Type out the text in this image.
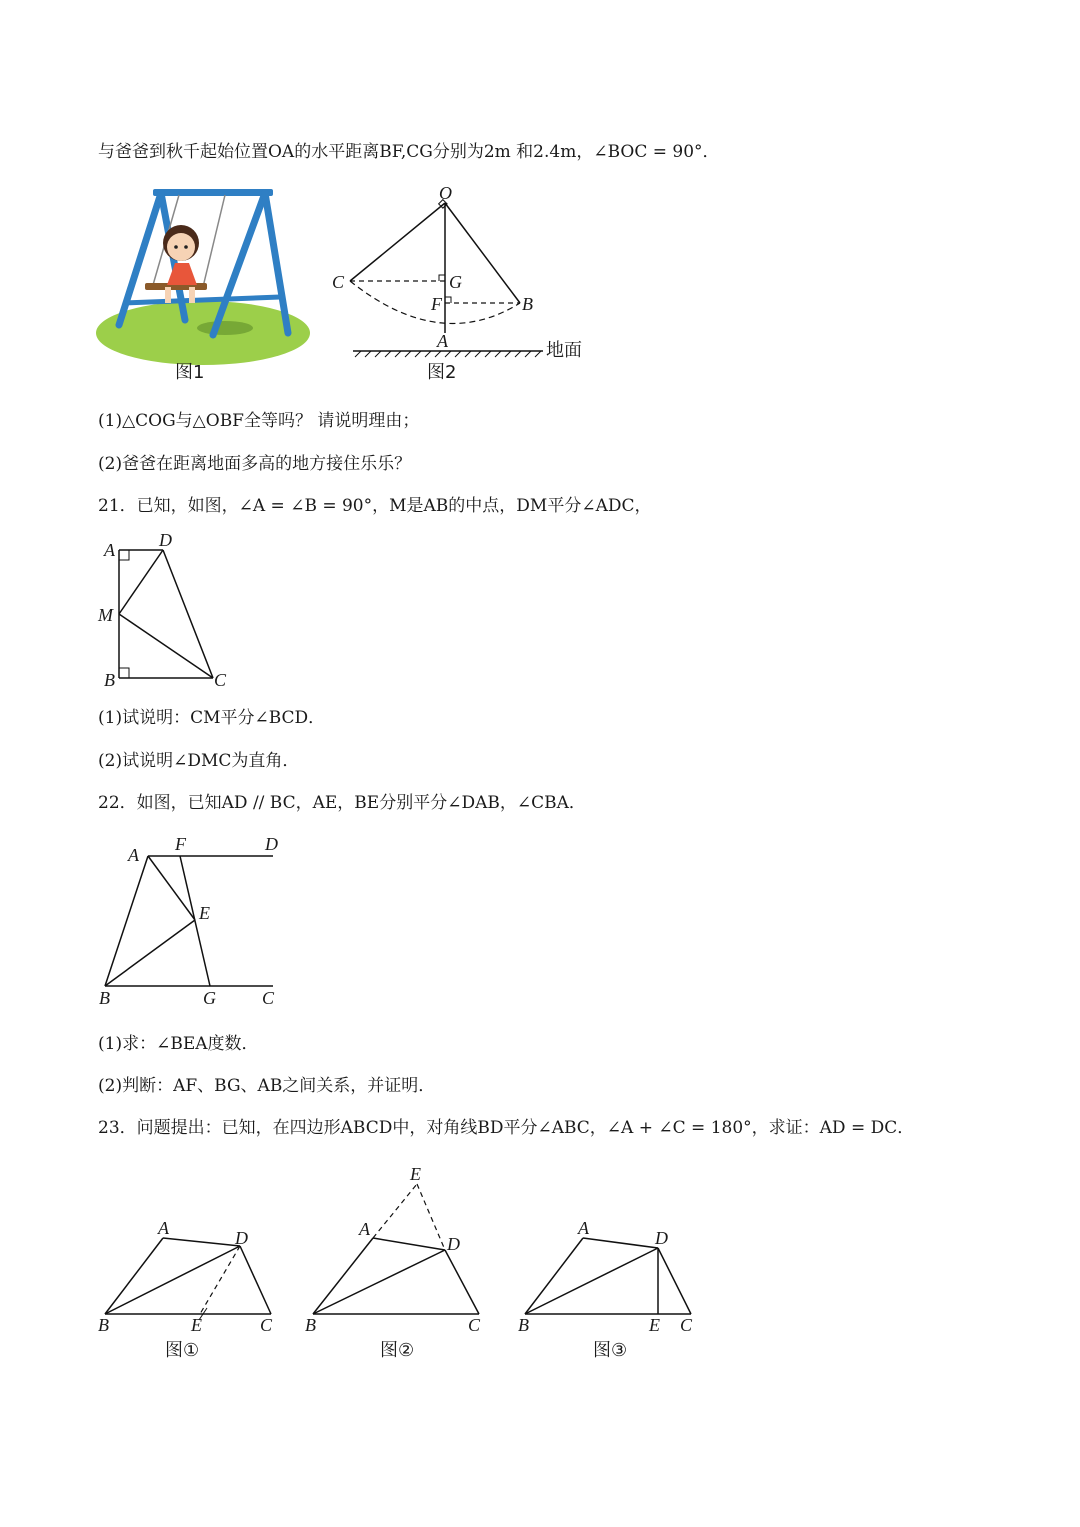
与爸爸到秋千起始位置OA的水平距离BF,CG分别为2m 和2.4m，∠BOC = 90°．
O
C	G
F	B
A	地面
图1	图2
(1)△COG与△OBF全等吗？ 请说明理由；
(2)爸爸在距离地面多高的地方接住乐乐？
21．已知，如图，∠A = ∠B = 90°，M是AB的中点，DM平分∠ADC，
A D
M
B	C
(1)试说明：CM平分∠BCD．
(2)试说明∠DMC为直角．
22．如图，已知AD // BC，AE，BE分别平分∠DAB，∠CBA．
A
F	D
E
B	G	C
(1)求：∠BEA度数．
(2)判断：AF、BG、AB之间关系，并证明．
23．问题提出：已知，在四边形ABCD中，对角线BD平分∠ABC，∠A + ∠C = 180°，求证：AD = DC．
A	D
B	E	C
E
A
D
B	C
A	D
B	E C
图①	图②	图③
